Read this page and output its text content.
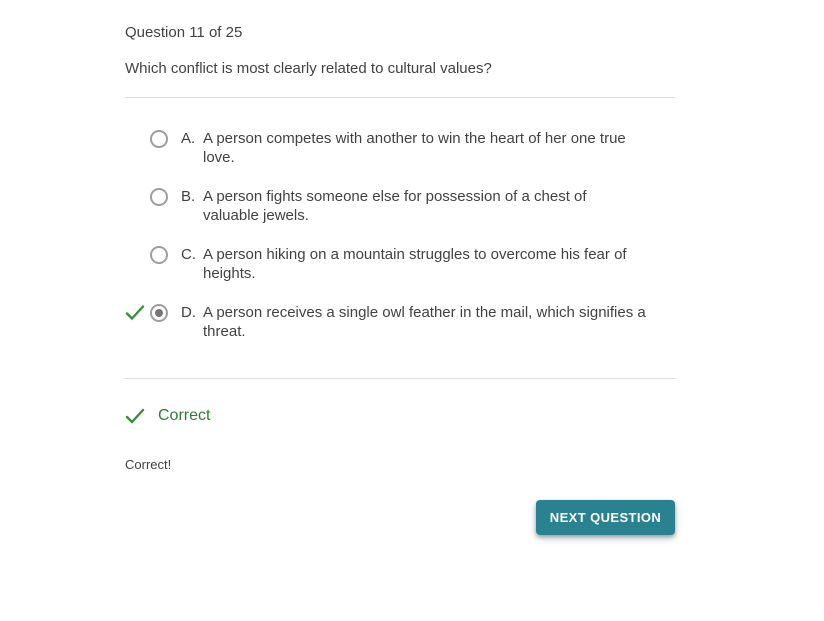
Question 11 of 25
Which conflict is most clearly related to cultural values?
A. A person competes with another to win the heart of her one true love.
B. A person fights someone else for possession of a chest of valuable jewels.
C. A person hiking on a mountain struggles to overcome his fear of heights.
D. A person receives a single owl feather in the mail, which signifies a threat.
Correct
Correct!
NEXT QUESTION
